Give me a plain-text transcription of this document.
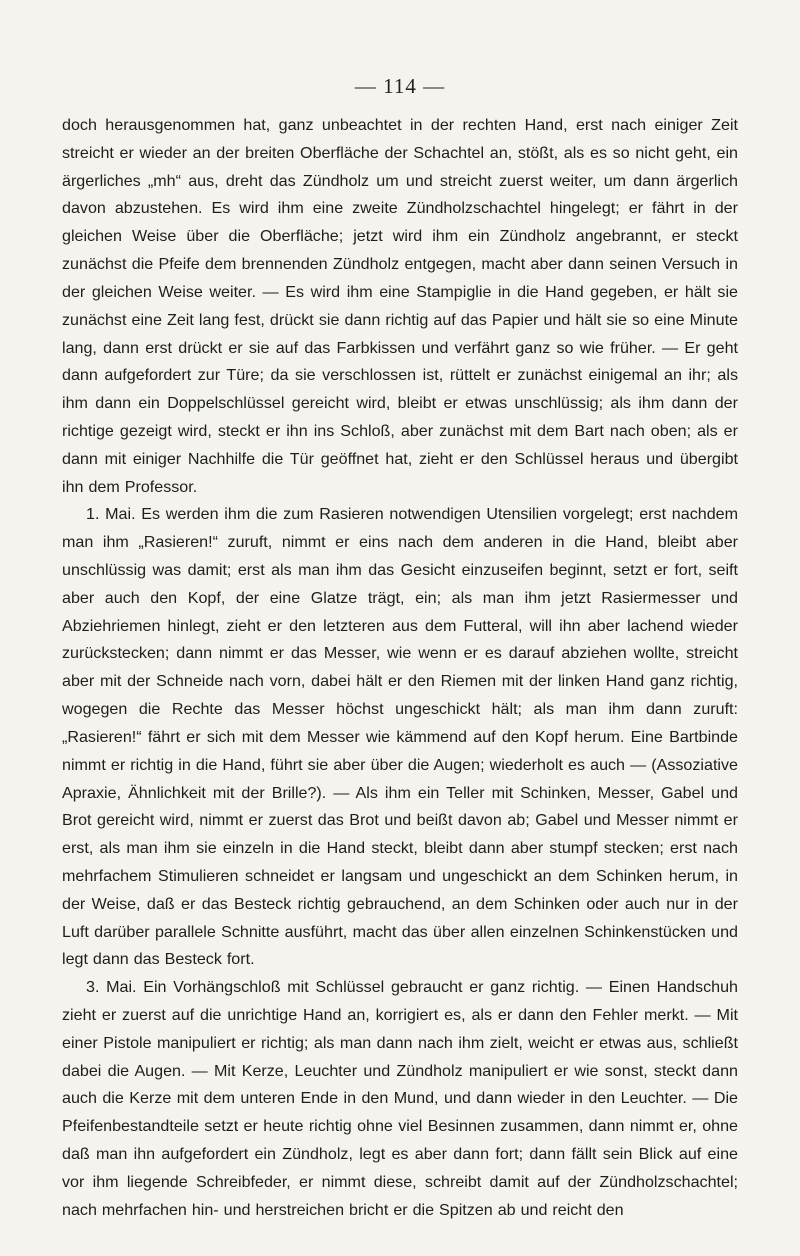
— 114 —

doch herausgenommen hat, ganz unbeachtet in der rechten Hand, erst nach einiger Zeit streicht er wieder an der breiten Oberfläche der Schachtel an, stößt, als es so nicht geht, ein ärgerliches „mh“ aus, dreht das Zündholz um und streicht zuerst weiter, um dann ärgerlich davon abzustehen. Es wird ihm eine zweite Zündholzschachtel hingelegt; er fährt in der gleichen Weise über die Oberfläche; jetzt wird ihm ein Zündholz angebrannt, er steckt zunächst die Pfeife dem brennenden Zündholz entgegen, macht aber dann seinen Versuch in der gleichen Weise weiter. — Es wird ihm eine Stampiglie in die Hand gegeben, er hält sie zunächst eine Zeit lang fest, drückt sie dann richtig auf das Papier und hält sie so eine Minute lang, dann erst drückt er sie auf das Farbkissen und verfährt ganz so wie früher. — Er geht dann aufgefordert zur Türe; da sie verschlossen ist, rüttelt er zunächst einigemal an ihr; als ihm dann ein Doppelschlüssel gereicht wird, bleibt er etwas unschlüssig; als ihm dann der richtige gezeigt wird, steckt er ihn ins Schloß, aber zunächst mit dem Bart nach oben; als er dann mit einiger Nachhilfe die Tür geöffnet hat, zieht er den Schlüssel heraus und übergibt ihn dem Professor.

1. Mai. Es werden ihm die zum Rasieren notwendigen Utensilien vorgelegt; erst nachdem man ihm „Rasieren!“ zuruft, nimmt er eins nach dem anderen in die Hand, bleibt aber unschlüssig was damit; erst als man ihm das Gesicht einzuseifen beginnt, setzt er fort, seift aber auch den Kopf, der eine Glatze trägt, ein; als man ihm jetzt Rasiermesser und Abziehriemen hinlegt, zieht er den letzteren aus dem Futteral, will ihn aber lachend wieder zurückstecken; dann nimmt er das Messer, wie wenn er es darauf abziehen wollte, streicht aber mit der Schneide nach vorn, dabei hält er den Riemen mit der linken Hand ganz richtig, wogegen die Rechte das Messer höchst ungeschickt hält; als man ihm dann zuruft: „Rasieren!“ fährt er sich mit dem Messer wie kämmend auf den Kopf herum. Eine Bartbinde nimmt er richtig in die Hand, führt sie aber über die Augen; wiederholt es auch — (Assoziative Apraxie, Ähnlichkeit mit der Brille?). — Als ihm ein Teller mit Schinken, Messer, Gabel und Brot gereicht wird, nimmt er zuerst das Brot und beißt davon ab; Gabel und Messer nimmt er erst, als man ihm sie einzeln in die Hand steckt, bleibt dann aber stumpf stecken; erst nach mehrfachem Stimulieren schneidet er langsam und ungeschickt an dem Schinken herum, in der Weise, daß er das Besteck richtig gebrauchend, an dem Schinken oder auch nur in der Luft darüber parallele Schnitte ausführt, macht das über allen einzelnen Schinkenstücken und legt dann das Besteck fort.

3. Mai. Ein Vorhängschloß mit Schlüssel gebraucht er ganz richtig. — Einen Handschuh zieht er zuerst auf die unrichtige Hand an, korrigiert es, als er dann den Fehler merkt. — Mit einer Pistole manipuliert er richtig; als man dann nach ihm zielt, weicht er etwas aus, schließt dabei die Augen. — Mit Kerze, Leuchter und Zündholz manipuliert er wie sonst, steckt dann auch die Kerze mit dem unteren Ende in den Mund, und dann wieder in den Leuchter. — Die Pfeifenbestandteile setzt er heute richtig ohne viel Besinnen zusammen, dann nimmt er, ohne daß man ihn aufgefordert ein Zündholz, legt es aber dann fort; dann fällt sein Blick auf eine vor ihm liegende Schreibfeder, er nimmt diese, schreibt damit auf der Zündholzschachtel; nach mehrfachen hin- und herstreichen bricht er die Spitzen ab und reicht den
